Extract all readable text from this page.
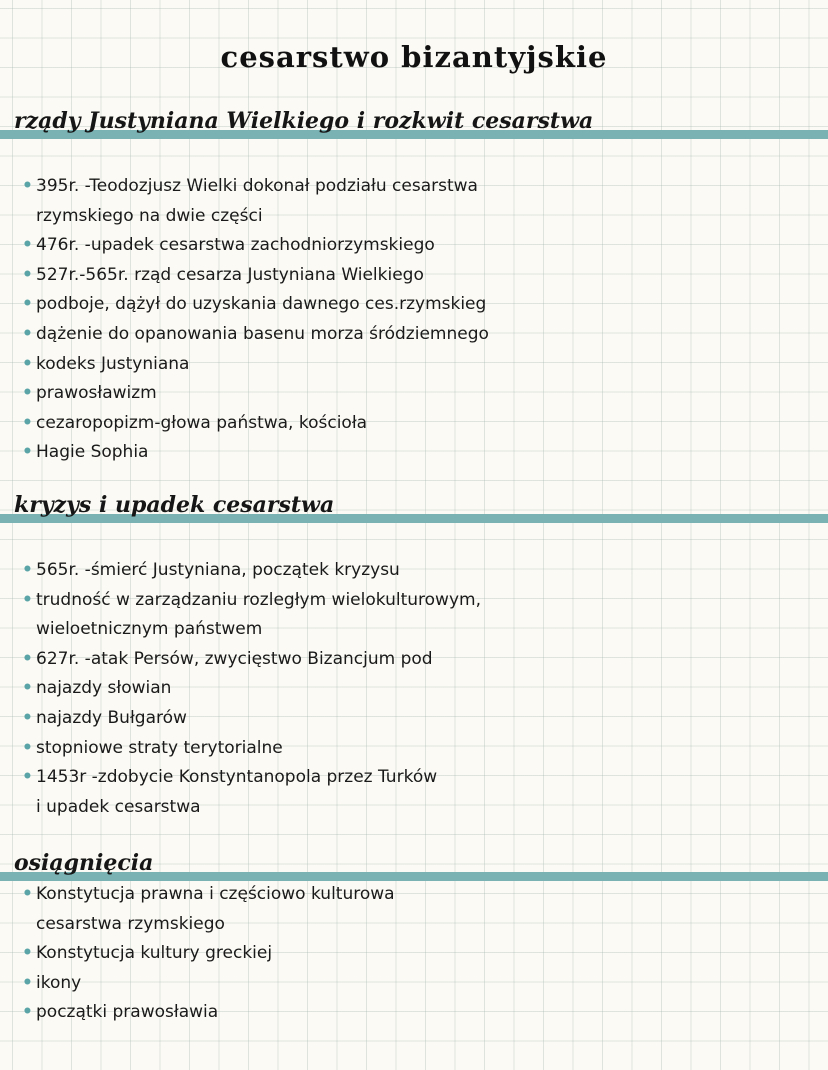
cesarstwo bizantyjskie
rządy Justyniana Wielkiego i rozkwit cesarstwa
• 395r. -Teodozjusz Wielki dokonał podziału cesarstwa
rzymskiego na dwie części
• 476r. -upadek cesarstwa zachodniorzymskiego
• 527r.-565r. rząd cesarza Justyniana Wielkiego
• podboje, dążył do uzyskania dawnego ces.rzymskieg
• dążenie do opanowania basenu morza śródziemnego
• kodeks Justyniana
• prawosławizm
• cezaropopizm-głowa państwa, kościoła
• Hagie Sophia
kryzys i upadek cesarstwa
• 565r. -śmierć Justyniana, początek kryzysu
• trudność w zarządzaniu rozległym wielokulturowym,
wieloetnicznym państwem
• 627r. -atak Persów, zwycięstwo Bizancjum pod
• najazdy słowian
• najazdy Bułgarów
• stopniowe straty terytorialne
• 1453r -zdobycie Konstyntanopola przez Turków
i upadek cesarstwa
osiągnięcia
• Konstytucja prawna i częściowo kulturowa
cesarstwa rzymskiego
• Konstytucja kultury greckiej
• ikony
• początki prawosławia
